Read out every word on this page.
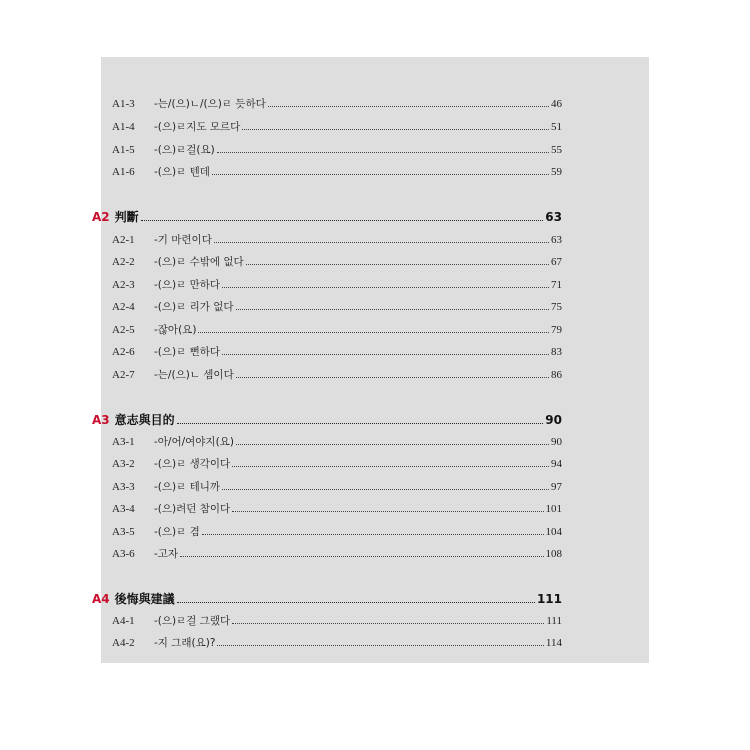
A1-3	-는/(으)ㄴ/(으)ㄹ 듯하다	46
A1-4	-(으)ㄹ지도 모르다	51
A1-5	-(으)ㄹ걸(요)	55
A1-6	-(으)ㄹ 텐데	59
A2 判斷	63
A2-1	-기 마련이다	63
A2-2	-(으)ㄹ 수밖에 없다	67
A2-3	-(으)ㄹ 만하다	71
A2-4	-(으)ㄹ 리가 없다	75
A2-5	-잖아(요)	79
A2-6	-(으)ㄹ 뻔하다	83
A2-7	-는/(으)ㄴ 셈이다	86
A3 意志與目的	90
A3-1	-아/어/여야지(요)	90
A3-2	-(으)ㄹ 생각이다	94
A3-3	-(으)ㄹ 테니까	97
A3-4	-(으)려던 참이다	101
A3-5	-(으)ㄹ 겸	104
A3-6	-고자	108
A4 後悔與建議	111
A4-1	-(으)ㄹ걸 그랬다	111
A4-2	-지 그래(요)?	114
